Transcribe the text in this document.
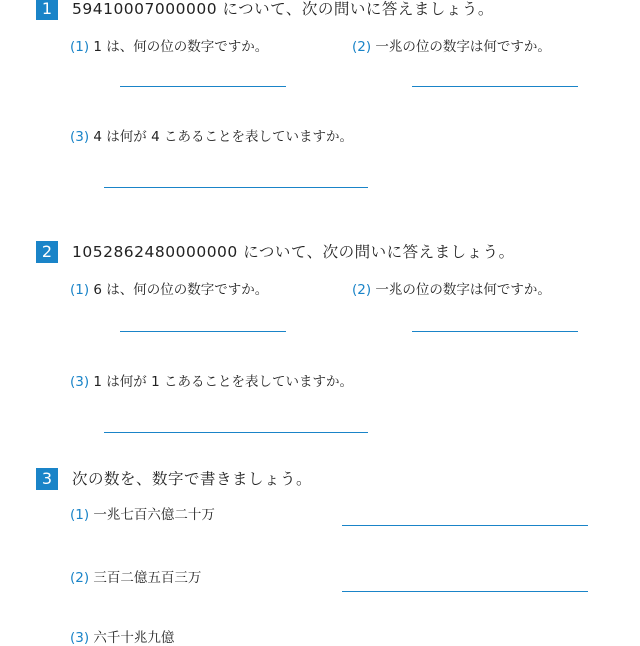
1	59410007000000 について、次の問いに答えましょう。
(1) 1 は、何の位の数字ですか。	(2) 一兆の位の数字は何ですか。
(3) 4 は何が 4 こあることを表していますか。
2	1052862480000000 について、次の問いに答えましょう。
(1) 6 は、何の位の数字ですか。	(2) 一兆の位の数字は何ですか。
(3) 1 は何が 1 こあることを表していますか。
3	次の数を、数字で書きましょう。
(1) 一兆七百六億二十万
(2) 三百二億五百三万
(3) 六千十兆九億
